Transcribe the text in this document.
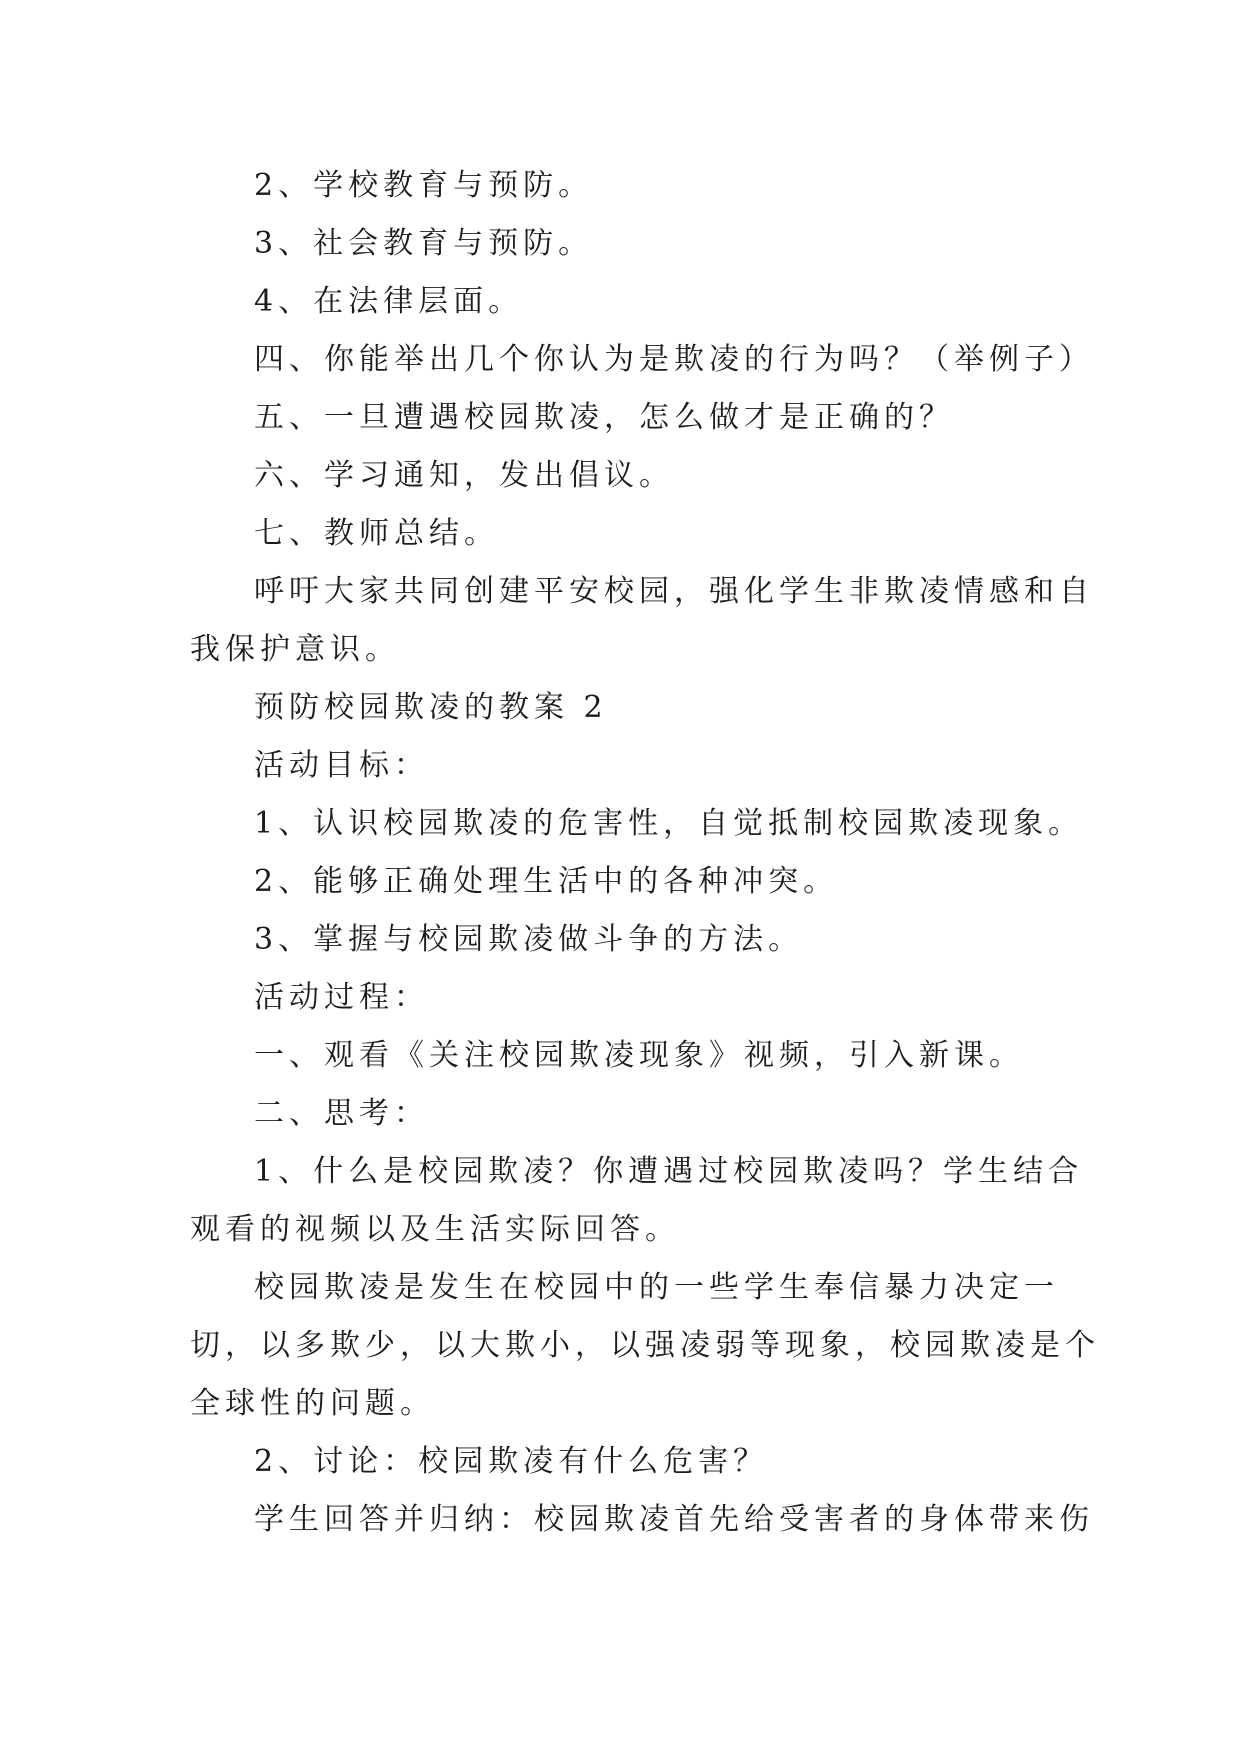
2、学校教育与预防。
3、社会教育与预防。
4、在法律层面。
四、你能举出几个你认为是欺凌的行为吗？（举例子）
五、一旦遭遇校园欺凌，怎么做才是正确的？
六、学习通知，发出倡议。
七、教师总结。
呼吁大家共同创建平安校园，强化学生非欺凌情感和自
我保护意识。
预防校园欺凌的教案 2
活动目标：
1、认识校园欺凌的危害性，自觉抵制校园欺凌现象。
2、能够正确处理生活中的各种冲突。
3、掌握与校园欺凌做斗争的方法。
活动过程：
一、观看《关注校园欺凌现象》视频，引入新课。
二、思考：
1、什么是校园欺凌？你遭遇过校园欺凌吗？学生结合
观看的视频以及生活实际回答。
校园欺凌是发生在校园中的一些学生奉信暴力决定一
切，以多欺少，以大欺小，以强凌弱等现象，校园欺凌是个
全球性的问题。
2、讨论：校园欺凌有什么危害？
学生回答并归纳：校园欺凌首先给受害者的身体带来伤
